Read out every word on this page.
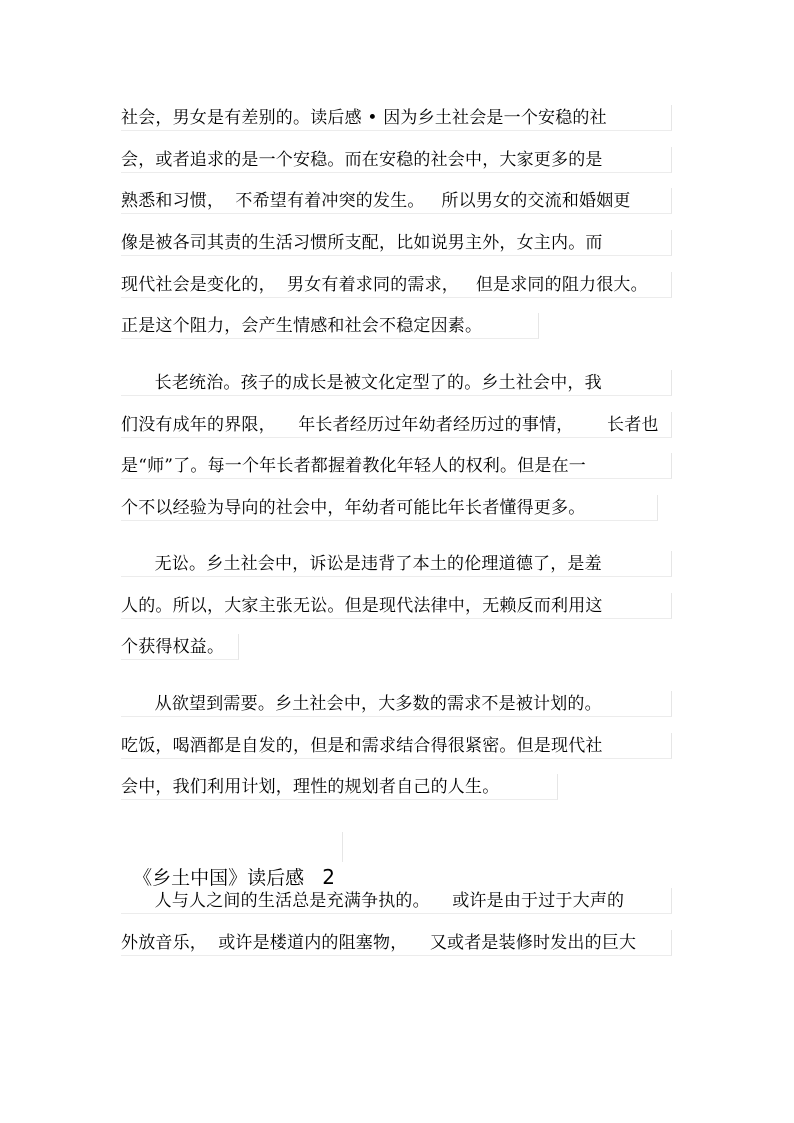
社会，男女是有差别的。读后感 • 因为乡土社会是一个安稳的社
会，或者追求的是一个安稳。而在安稳的社会中，大家更多的是
熟悉和习惯，  不希望有着冲突的发生。   所以男女的交流和婚姻更
像是被各司其责的生活习惯所支配，比如说男主外，女主内。而
现代社会是变化的，  男女有着求同的需求，   但是求同的阻力很大。
正是这个阻力，会产生情感和社会不稳定因素。
长老统治。孩子的成长是被文化定型了的。乡土社会中，我
们没有成年的界限，    年长者经历过年幼者经历过的事情，      长者也
是“师”了。每一个年长者都握着教化年轻人的权利。但是在一
个不以经验为导向的社会中，年幼者可能比年长者懂得更多。
无讼。乡土社会中，诉讼是违背了本土的伦理道德了，是羞
人的。所以，大家主张无讼。但是现代法律中，无赖反而利用这
个获得权益。
从欲望到需要。乡土社会中，大多数的需求不是被计划的。
吃饭，喝酒都是自发的，但是和需求结合得很紧密。但是现代社
会中，我们利用计划，理性的规划者自己的人生。

《乡土中国》读后感 2

人与人之间的生活总是充满争执的。    或许是由于过于大声的
外放音乐，  或许是楼道内的阻塞物，    又或者是装修时发出的巨大
